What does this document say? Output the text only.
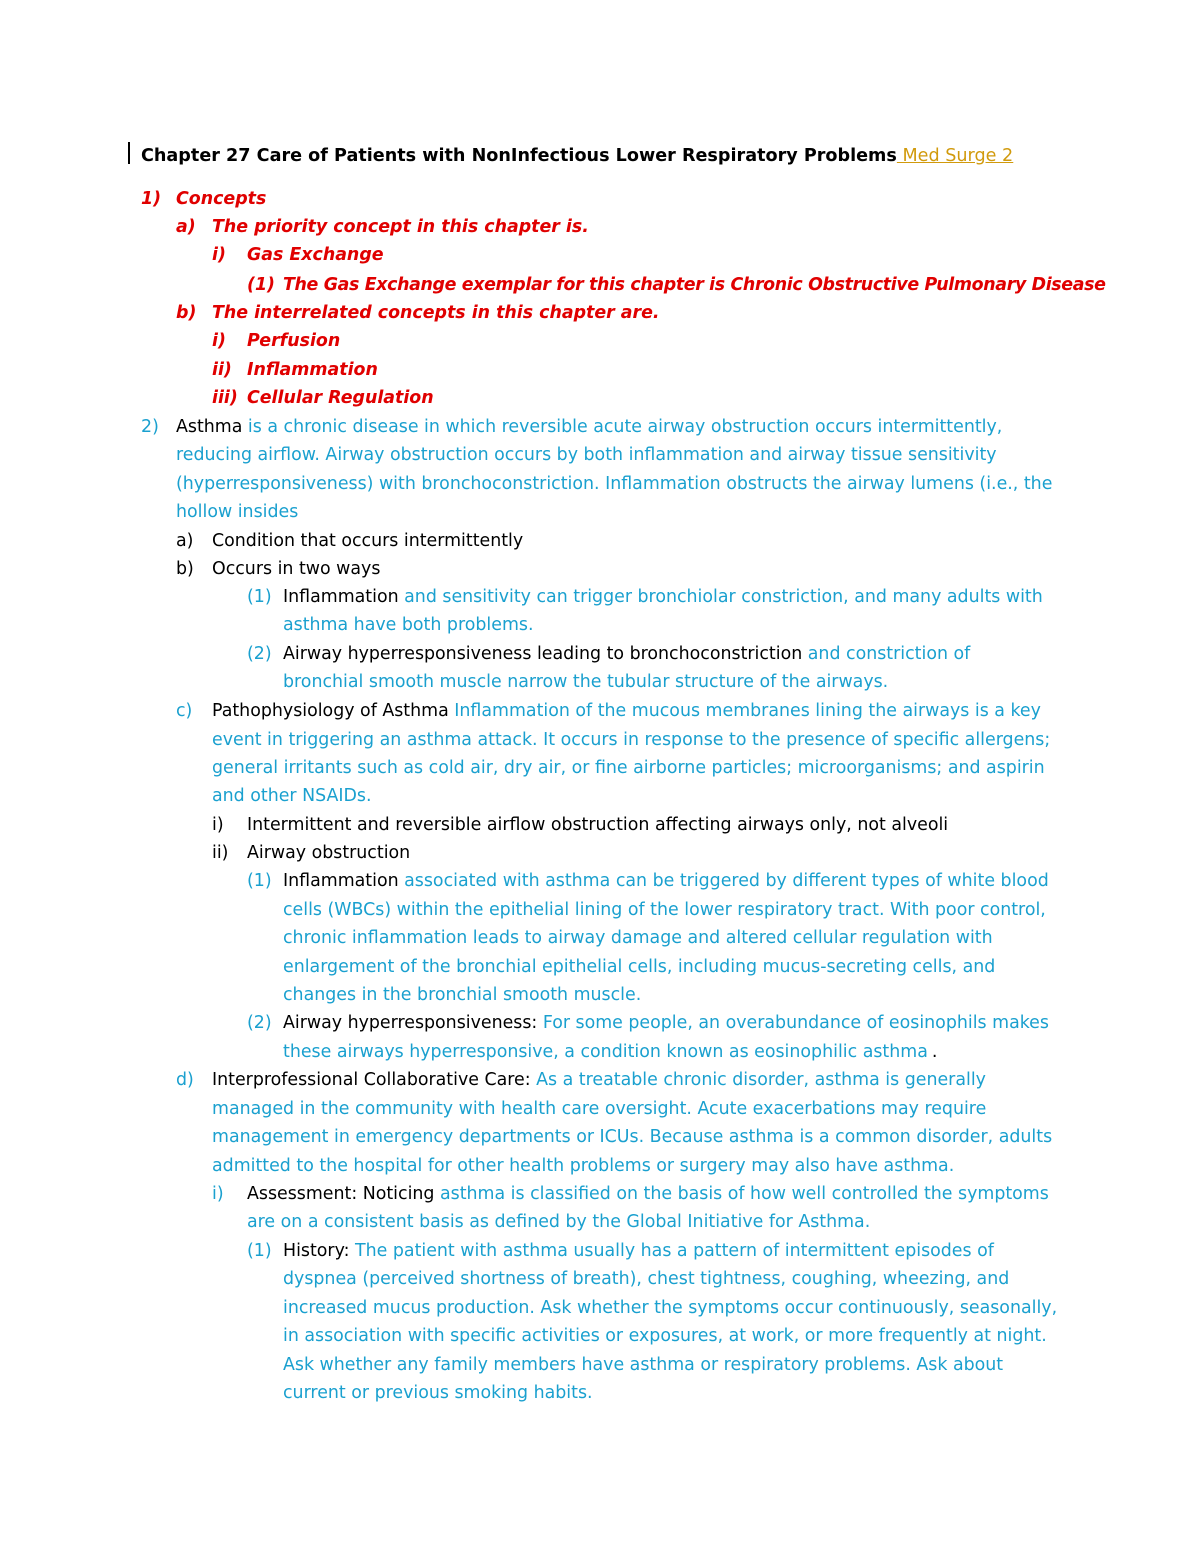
Chapter 27 Care of Patients with NonInfectious Lower Respiratory Problems Med Surge 2
1) Concepts
a) The priority concept in this chapter is.
i) Gas Exchange
(1) The Gas Exchange exemplar for this chapter is Chronic Obstructive Pulmonary Disease
b) The interrelated concepts in this chapter are.
i) Perfusion
ii) Inflammation
iii) Cellular Regulation
2) Asthma is a chronic disease in which reversible acute airway obstruction occurs intermittently,
reducing airflow. Airway obstruction occurs by both inflammation and airway tissue sensitivity
(hyperresponsiveness) with bronchoconstriction. Inflammation obstructs the airway lumens (i.e., the
hollow insides
a) Condition that occurs intermittently
b) Occurs in two ways
(1) Inflammation and sensitivity can trigger bronchiolar constriction, and many adults with
asthma have both problems.
(2) Airway hyperresponsiveness leading to bronchoconstriction and constriction of
bronchial smooth muscle narrow the tubular structure of the airways.
c) Pathophysiology of Asthma Inflammation of the mucous membranes lining the airways is a key
event in triggering an asthma attack. It occurs in response to the presence of specific allergens;
general irritants such as cold air, dry air, or fine airborne particles; microorganisms; and aspirin
and other NSAIDs.
i) Intermittent and reversible airflow obstruction affecting airways only, not alveoli
ii) Airway obstruction
(1) Inflammation associated with asthma can be triggered by different types of white blood
cells (WBCs) within the epithelial lining of the lower respiratory tract. With poor control,
chronic inflammation leads to airway damage and altered cellular regulation with
enlargement of the bronchial epithelial cells, including mucus-secreting cells, and
changes in the bronchial smooth muscle.
(2) Airway hyperresponsiveness: For some people, an overabundance of eosinophils makes
these airways hyperresponsive, a condition known as eosinophilic asthma .
d) Interprofessional Collaborative Care: As a treatable chronic disorder, asthma is generally
managed in the community with health care oversight. Acute exacerbations may require
management in emergency departments or ICUs. Because asthma is a common disorder, adults
admitted to the hospital for other health problems or surgery may also have asthma.
i) Assessment: Noticing asthma is classified on the basis of how well controlled the symptoms
are on a consistent basis as defined by the Global Initiative for Asthma.
(1) History: The patient with asthma usually has a pattern of intermittent episodes of
dyspnea (perceived shortness of breath), chest tightness, coughing, wheezing, and
increased mucus production. Ask whether the symptoms occur continuously, seasonally,
in association with specific activities or exposures, at work, or more frequently at night.
Ask whether any family members have asthma or respiratory problems. Ask about
current or previous smoking habits.
